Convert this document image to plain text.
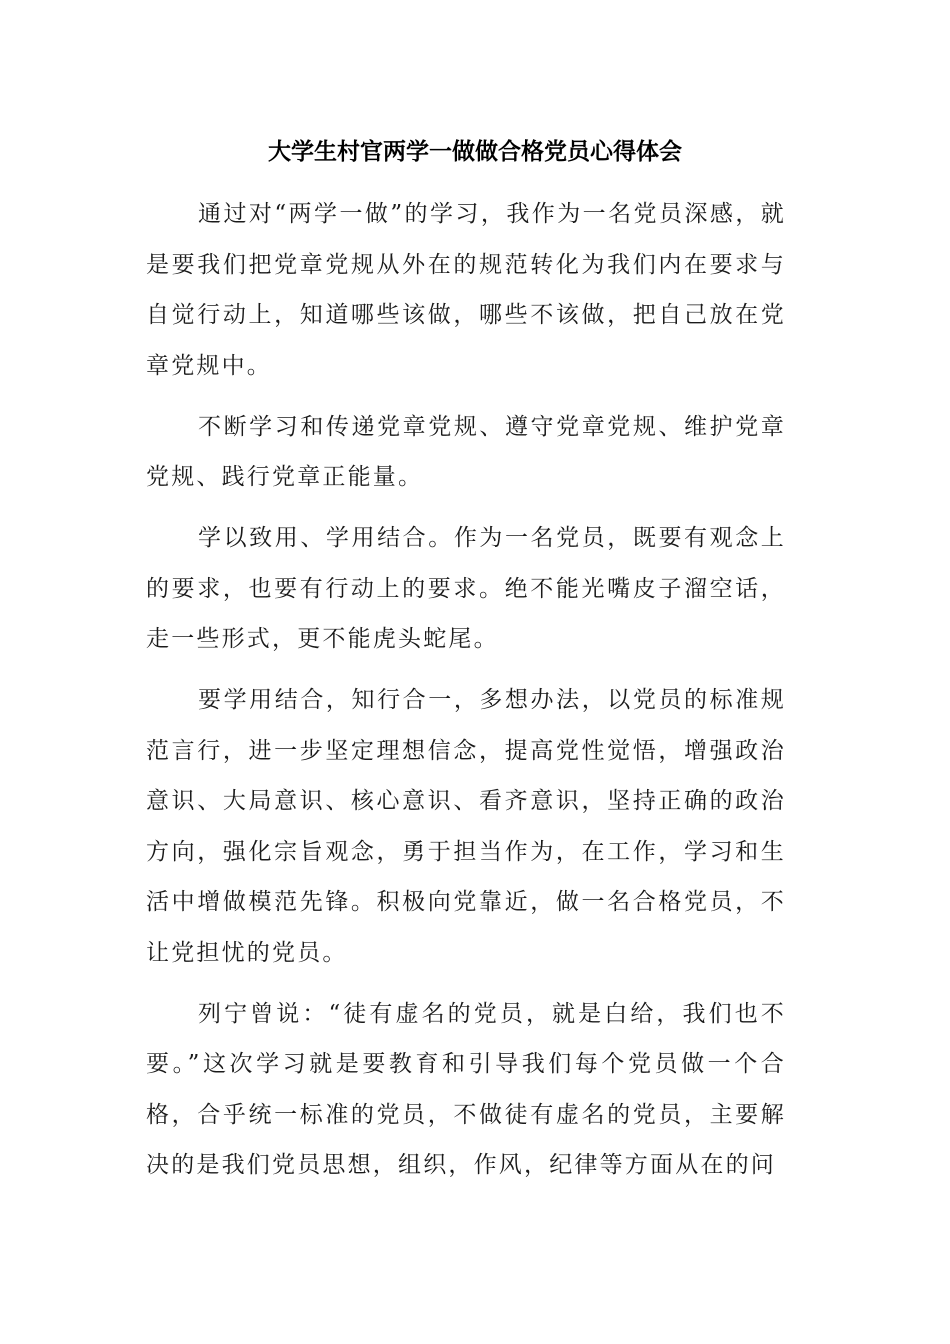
大学生村官两学一做做合格党员心得体会

通过对“两学一做”的学习，我作为一名党员深感，就是要我们把党章党规从外在的规范转化为我们内在要求与自觉行动上，知道哪些该做，哪些不该做，把自己放在党章党规中。

不断学习和传递党章党规、遵守党章党规、维护党章党规、践行党章正能量。

学以致用、学用结合。作为一名党员，既要有观念上的要求，也要有行动上的要求。绝不能光嘴皮子溜空话，走一些形式，更不能虎头蛇尾。

要学用结合，知行合一，多想办法，以党员的标准规范言行，进一步坚定理想信念，提高党性觉悟，增强政治意识、大局意识、核心意识、看齐意识，坚持正确的政治方向，强化宗旨观念，勇于担当作为，在工作，学习和生活中增做模范先锋。积极向党靠近，做一名合格党员，不让党担忧的党员。

列宁曾说：“徒有虚名的党员，就是白给，我们也不要。”这次学习就是要教育和引导我们每个党员做一个合格，合乎统一标准的党员，不做徒有虚名的党员，主要解决的是我们党员思想，组织，作风，纪律等方面从在的问
